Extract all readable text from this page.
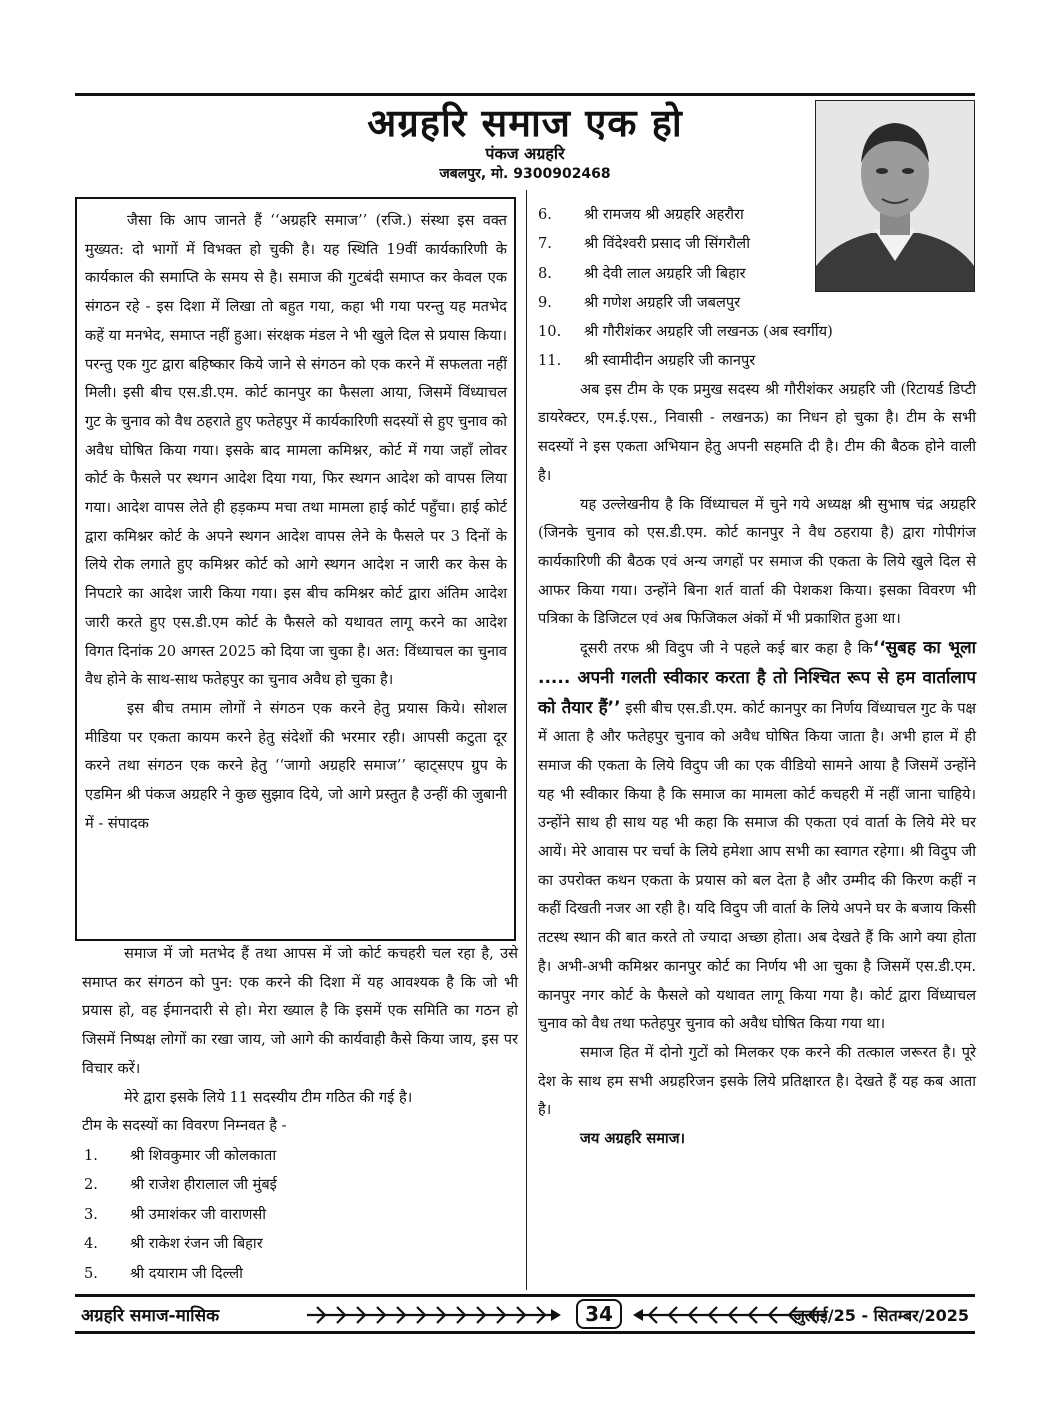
अग्रहरि समाज एक हो
पंकज अग्रहरि
जबलपुर, मो. 9300902468

जैसा कि आप जानते हैं ‘‘अग्रहरि समाज’’ (रजि.) संस्था इस वक्त मुख्यत: दो भागों में विभक्त हो चुकी है। यह स्थिति 19वीं कार्यकारिणी के कार्यकाल की समाप्ति के समय से है। समाज की गुटबंदी समाप्त कर केवल एक संगठन रहे - इस दिशा में लिखा तो बहुत गया, कहा भी गया परन्तु यह मतभेद कहें या मनभेद, समाप्त नहीं हुआ। संरक्षक मंडल ने भी खुले दिल से प्रयास किया। परन्तु एक गुट द्वारा बहिष्कार किये जाने से संगठन को एक करने में सफलता नहीं मिली। इसी बीच एस.डी.एम. कोर्ट कानपुर का फैसला आया, जिसमें विंध्याचल गुट के चुनाव को वैध ठहराते हुए फतेहपुर में कार्यकारिणी सदस्यों से हुए चुनाव को अवैध घोषित किया गया। इसके बाद मामला कमिश्नर, कोर्ट में गया जहाँ लोवर कोर्ट के फैसले पर स्थगन आदेश दिया गया, फिर स्थगन आदेश को वापस लिया गया। आदेश वापस लेते ही हड़कम्प मचा तथा मामला हाई कोर्ट पहुँचा। हाई कोर्ट द्वारा कमिश्नर कोर्ट के अपने स्थगन आदेश वापस लेने के फैसले पर 3 दिनों के लिये रोक लगाते हुए कमिश्नर कोर्ट को आगे स्थगन आदेश न जारी कर केस के निपटारे का आदेश जारी किया गया। इस बीच कमिश्नर कोर्ट द्वारा अंतिम आदेश जारी करते हुए एस.डी.एम कोर्ट के फैसले को यथावत लागू करने का आदेश विगत दिनांक 20 अगस्त 2025 को दिया जा चुका है। अत: विंध्याचल का चुनाव वैध होने के साथ-साथ फतेहपुर का चुनाव अवैध हो चुका है।

इस बीच तमाम लोगों ने संगठन एक करने हेतु प्रयास किये। सोशल मीडिया पर एकता कायम करने हेतु संदेशों की भरमार रही। आपसी कटुता दूर करने तथा संगठन एक करने हेतु ‘‘जागो अग्रहरि समाज’’ व्हाट्सएप ग्रुप के एडमिन श्री पंकज अग्रहरि ने कुछ सुझाव दिये, जो आगे प्रस्तुत है उन्हीं की जुबानी में - संपादक

समाज में जो मतभेद हैं तथा आपस में जो कोर्ट कचहरी चल रहा है, उसे समाप्त कर संगठन को पुन: एक करने की दिशा में यह आवश्यक है कि जो भी प्रयास हो, वह ईमानदारी से हो। मेरा ख्याल है कि इसमें एक समिति का गठन हो जिसमें निष्पक्ष लोगों का रखा जाय, जो आगे की कार्यवाही कैसे किया जाय, इस पर विचार करें।

मेरे द्वारा इसके लिये 11 सदस्यीय टीम गठित की गई है।

टीम के सदस्यों का विवरण निम्नवत है -

1.	श्री शिवकुमार जी कोलकाता
2.	श्री राजेश हीरालाल जी मुंबई
3.	श्री उमाशंकर जी वाराणसी
4.	श्री राकेश रंजन जी बिहार
5.	श्री दयाराम जी दिल्ली
6.	श्री रामजय श्री अग्रहरि अहरौरा
7.	श्री विंदेश्वरी प्रसाद जी सिंगरौली
8.	श्री देवी लाल अग्रहरि जी बिहार
9.	श्री गणेश अग्रहरि जी जबलपुर
10.	श्री गौरीशंकर अग्रहरि जी लखनऊ (अब स्वर्गीय)
11.	श्री स्वामीदीन अग्रहरि जी कानपुर

अब इस टीम के एक प्रमुख सदस्य श्री गौरीशंकर अग्रहरि जी (रिटायर्ड डिप्टी डायरेक्टर, एम.ई.एस., निवासी - लखनऊ) का निधन हो चुका है। टीम के सभी सदस्यों ने इस एकता अभियान हेतु अपनी सहमति दी है। टीम की बैठक होने वाली है।

यह उल्लेखनीय है कि विंध्याचल में चुने गये अध्यक्ष श्री सुभाष चंद्र अग्रहरि (जिनके चुनाव को एस.डी.एम. कोर्ट कानपुर ने वैध ठहराया है) द्वारा गोपीगंज कार्यकारिणी की बैठक एवं अन्य जगहों पर समाज की एकता के लिये खुले दिल से आफर किया गया। उन्होंने बिना शर्त वार्ता की पेशकश किया। इसका विवरण भी पत्रिका के डिजिटल एवं अब फिजिकल अंकों में भी प्रकाशित हुआ था।

दूसरी तरफ श्री विदुप जी ने पहले कई बार कहा है कि‘‘सुबह का भूला ..... अपनी गलती स्वीकार करता है तो निश्चित रूप से हम वार्तालाप को तैयार हैं’’ इसी बीच एस.डी.एम. कोर्ट कानपुर का निर्णय विंध्याचल गुट के पक्ष में आता है और फतेहपुर चुनाव को अवैध घोषित किया जाता है। अभी हाल में ही समाज की एकता के लिये विदुप जी का एक वीडियो सामने आया है जिसमें उन्होंने यह भी स्वीकार किया है कि समाज का मामला कोर्ट कचहरी में नहीं जाना चाहिये। उन्होंने साथ ही साथ यह भी कहा कि समाज की एकता एवं वार्ता के लिये मेरे घर आयें। मेरे आवास पर चर्चा के लिये हमेशा आप सभी का स्वागत रहेगा। श्री विदुप जी का उपरोक्त कथन एकता के प्रयास को बल देता है और उम्मीद की किरण कहीं न कहीं दिखती नजर आ रही है। यदि विदुप जी वार्ता के लिये अपने घर के बजाय किसी तटस्थ स्थान की बात करते तो ज्यादा अच्छा होता। अब देखते हैं कि आगे क्या होता है। अभी-अभी कमिश्नर कानपुर कोर्ट का निर्णय भी आ चुका है जिसमें एस.डी.एम. कानपुर नगर कोर्ट के फैसले को यथावत लागू किया गया है। कोर्ट द्वारा विंध्याचल चुनाव को वैध तथा फतेहपुर चुनाव को अवैध घोषित किया गया था।

समाज हित में दोनो गुटों को मिलकर एक करने की तत्काल जरूरत है। पूरे देश के साथ हम सभी अग्रहरिजन इसके लिये प्रतिक्षारत है। देखते हैं यह कब आता है।

जय अग्रहरि समाज।

अग्रहरि समाज-मासिक	34	जुलाई/25 - सितम्बर/2025
